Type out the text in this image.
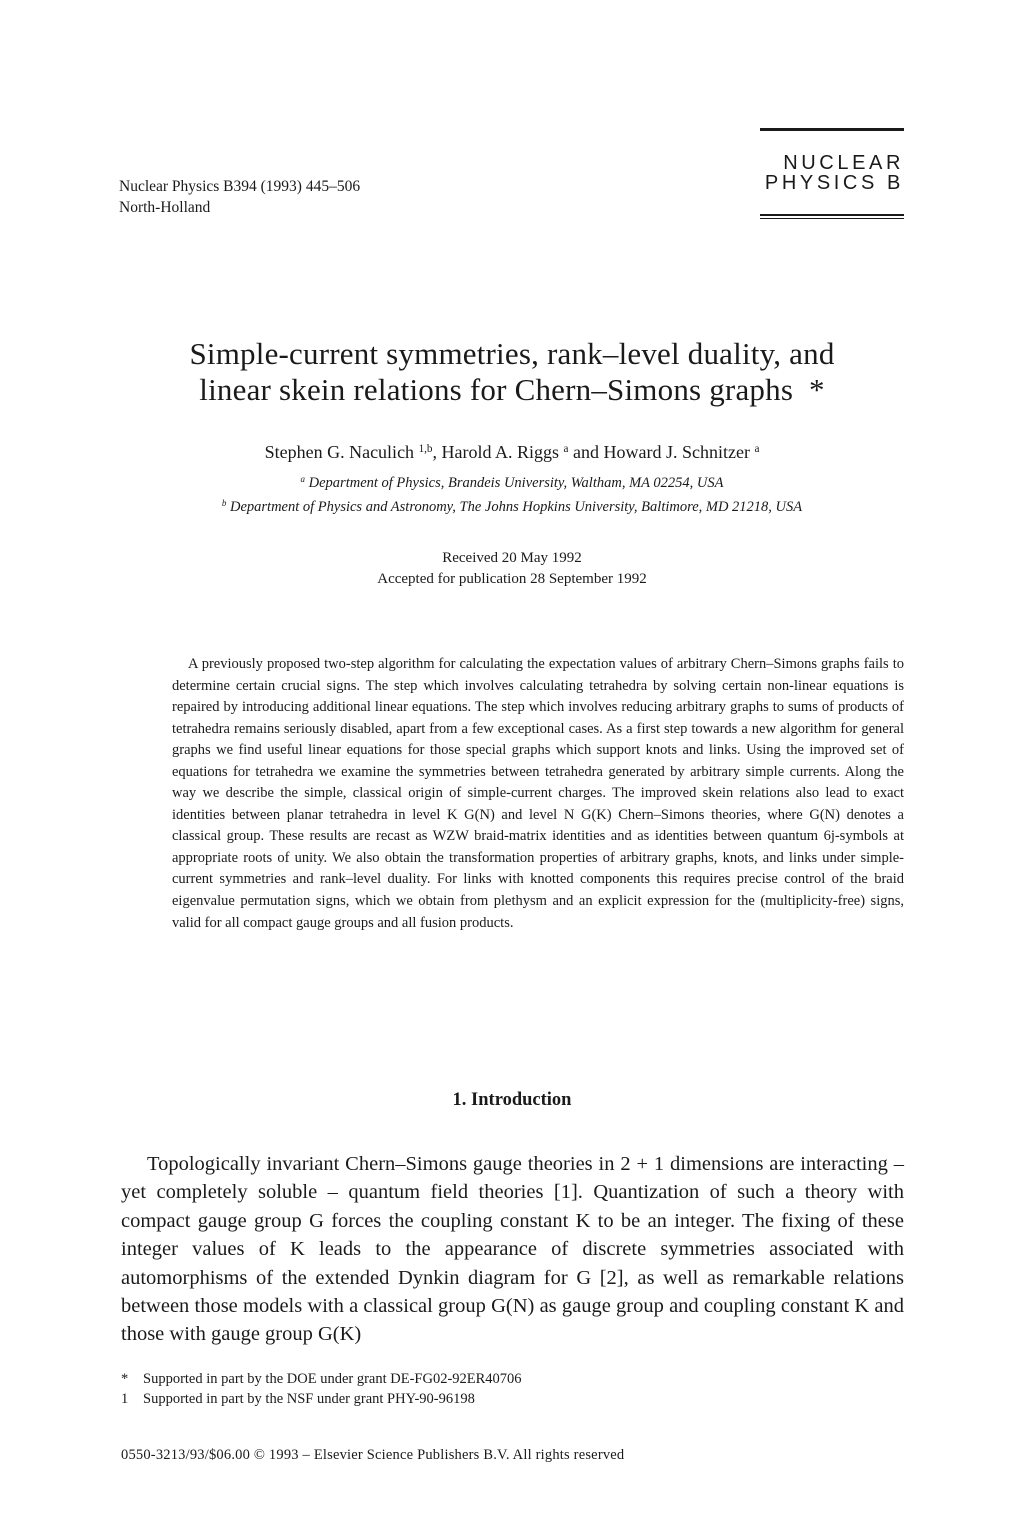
Nuclear Physics B394 (1993) 445–506
North-Holland
NUCLEAR
PHYSICS B
Simple-current symmetries, rank–level duality, and
linear skein relations for Chern–Simons graphs *
Stephen G. Naculich $^{1,b}$, Harold A. Riggs $^a$ and Howard J. Schnitzer $^a$
$^a$ Department of Physics, Brandeis University, Waltham, MA 02254, USA
$^b$ Department of Physics and Astronomy, The Johns Hopkins University, Baltimore, MD 21218, USA
Received 20 May 1992
Accepted for publication 28 September 1992
A previously proposed two-step algorithm for calculating the expectation values of arbitrary Chern–Simons graphs fails to determine certain crucial signs. The step which involves calculating tetrahedra by solving certain non-linear equations is repaired by introducing additional linear equations. The step which involves reducing arbitrary graphs to sums of products of tetrahedra remains seriously disabled, apart from a few exceptional cases. As a first step towards a new algorithm for general graphs we find useful linear equations for those special graphs which support knots and links. Using the improved set of equations for tetrahedra we examine the symmetries between tetrahedra generated by arbitrary simple currents. Along the way we describe the simple, classical origin of simple-current charges. The improved skein relations also lead to exact identities between planar tetrahedra in level K G(N) and level N G(K) Chern–Simons theories, where G(N) denotes a classical group. These results are recast as WZW braid-matrix identities and as identities between quantum 6j-symbols at appropriate roots of unity. We also obtain the transformation properties of arbitrary graphs, knots, and links under simple-current symmetries and rank–level duality. For links with knotted components this requires precise control of the braid eigenvalue permutation signs, which we obtain from plethysm and an explicit expression for the (multiplicity-free) signs, valid for all compact gauge groups and all fusion products.
1. Introduction
Topologically invariant Chern–Simons gauge theories in 2 + 1 dimensions are interacting – yet completely soluble – quantum field theories [1]. Quantization of such a theory with compact gauge group G forces the coupling constant K to be an integer. The fixing of these integer values of K leads to the appearance of discrete symmetries associated with automorphisms of the extended Dynkin diagram for G [2], as well as remarkable relations between those models with a classical group G(N) as gauge group and coupling constant K and those with gauge group G(K)
* Supported in part by the DOE under grant DE-FG02-92ER40706
1 Supported in part by the NSF under grant PHY-90-96198
0550-3213/93/$06.00 © 1993 – Elsevier Science Publishers B.V. All rights reserved
